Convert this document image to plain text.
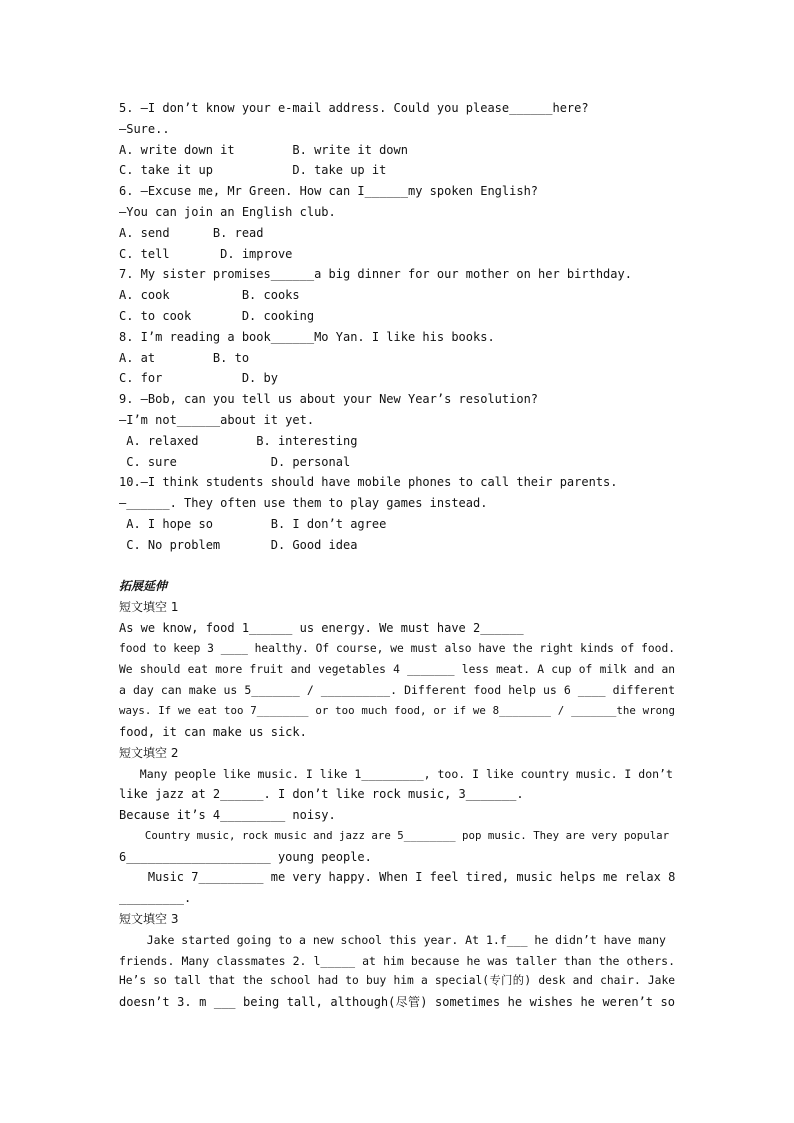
5. —I don’t know your e-mail address. Could you please______here?
—Sure..
A. write down it        B. write it down
C. take it up           D. take up it
6. —Excuse me, Mr Green. How can I______my spoken English?
—You can join an English club.
A. send      B. read
C. tell       D. improve
7. My sister promises______a big dinner for our mother on her birthday.
A. cook          B. cooks
C. to cook       D. cooking
8. I’m reading a book______Mo Yan. I like his books.
A. at        B. to
C. for           D. by
9. —Bob, can you tell us about your New Year’s resolution?
—I’m not______about it yet.
A. relaxed        B. interesting
C. sure             D. personal
10.—I think students should have mobile phones to call their parents.
—______. They often use them to play games instead.
A. I hope so        B. I don’t agree
C. No problem       D. Good idea
拓展延伸
短文填空 1
As we know, food 1______ us energy. We must have 2______
food to keep 3 ____ healthy. Of course, we must also have the right kinds of food.
We should eat more fruit and vegetables 4 _______ less meat. A cup of milk and an
a day can make us 5_______ / __________. Different food help us 6 ____ different
ways. If we eat too 7________ or too much food, or if we 8________ / _______the wrong
food, it can make us sick.
短文填空 2
Many people like music. I like 1_________, too. I like country music. I don’t
like jazz at 2______. I don’t like rock music, 3_______.
Because it’s 4_________ noisy.
Country music, rock music and jazz are 5________ pop music. They are very popular
6____________________ young people.
Music 7_________ me very happy. When I feel tired, music helps me relax 8
_________.
短文填空 3
Jake started going to a new school this year. At 1.f___ he didn’t have many
friends. Many classmates 2. l_____ at him because he was taller than the others.
He’s so tall that the school had to buy him a special(专门的) desk and chair. Jake
doesn’t 3. m ___ being tall, although(尽管) sometimes he wishes he weren’t so
